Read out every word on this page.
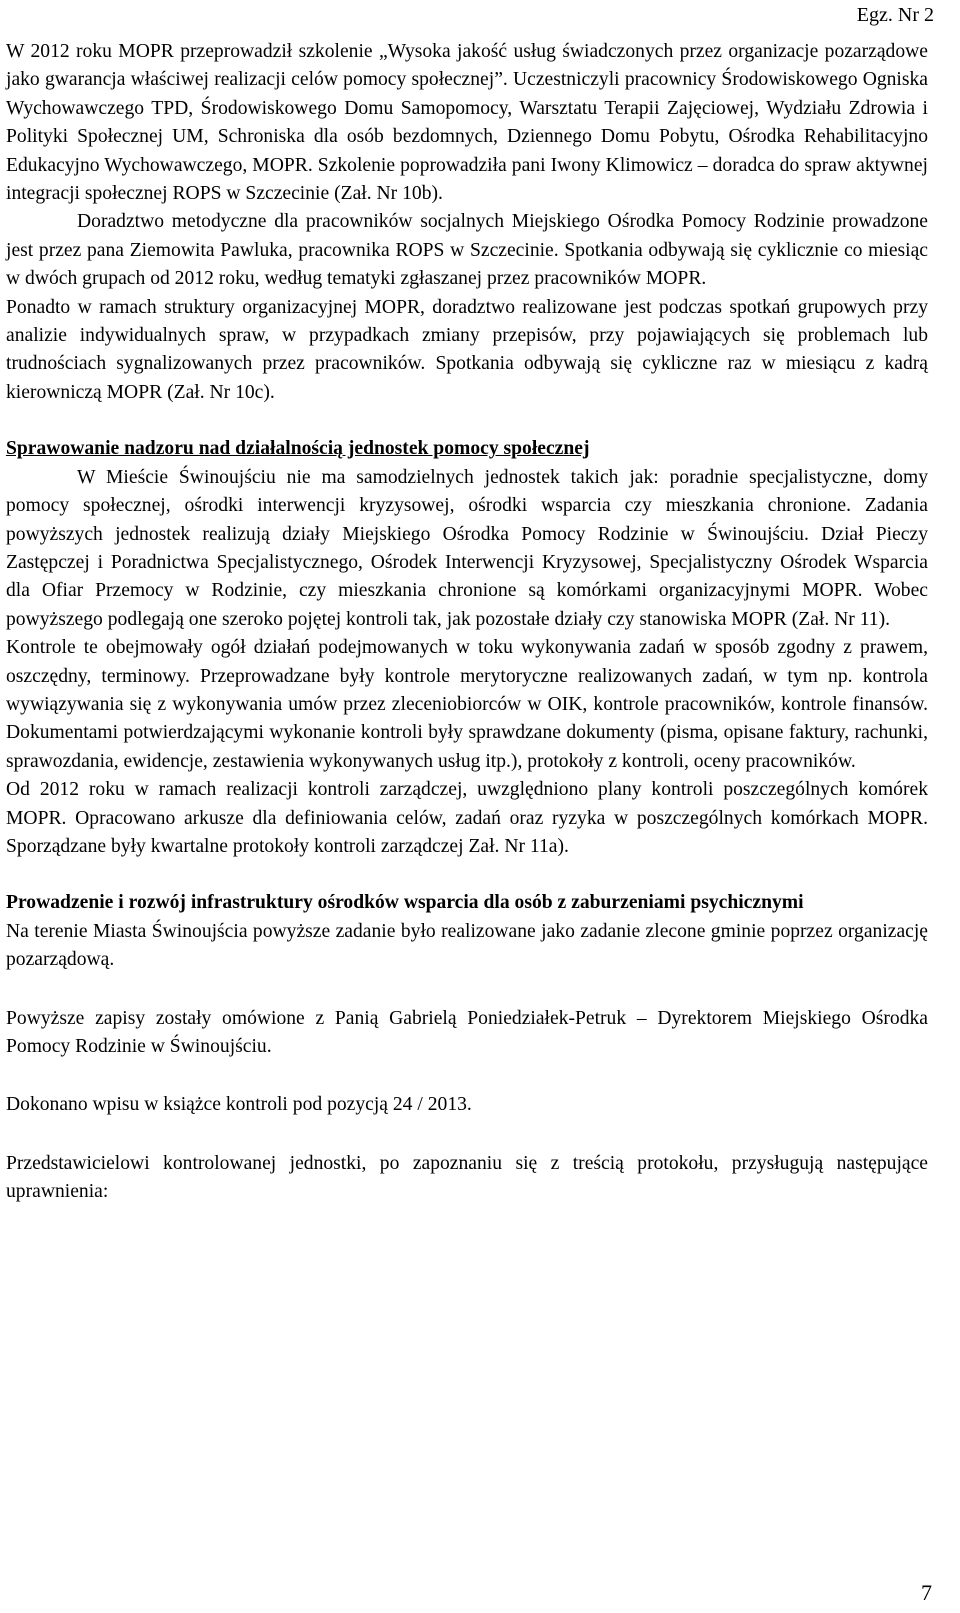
Egz. Nr 2

W 2012 roku MOPR przeprowadził szkolenie „Wysoka jakość usług świadczonych przez organizacje pozarządowe jako gwarancja właściwej realizacji celów pomocy społecznej”. Uczestniczyli pracownicy Środowiskowego Ogniska Wychowawczego TPD, Środowiskowego Domu Samopomocy, Warsztatu Terapii Zajęciowej, Wydziału Zdrowia i Polityki Społecznej UM, Schroniska dla osób bezdomnych, Dziennego Domu Pobytu, Ośrodka Rehabilitacyjno Edukacyjno Wychowawczego, MOPR. Szkolenie poprowadziła pani Iwony Klimowicz – doradca do spraw aktywnej integracji społecznej ROPS w Szczecinie (Zał. Nr 10b).

Doradztwo metodyczne dla pracowników socjalnych Miejskiego Ośrodka Pomocy Rodzinie prowadzone jest przez pana Ziemowita Pawluka, pracownika ROPS w Szczecinie. Spotkania odbywają się cyklicznie co miesiąc w dwóch grupach od 2012 roku, według tematyki zgłaszanej przez pracowników MOPR.

Ponadto w ramach struktury organizacyjnej MOPR, doradztwo realizowane jest podczas spotkań grupowych przy analizie indywidualnych spraw, w przypadkach zmiany przepisów, przy pojawiających się problemach lub trudnościach sygnalizowanych przez pracowników. Spotkania odbywają się cykliczne raz w miesiącu z kadrą kierowniczą MOPR (Zał. Nr 10c).

Sprawowanie nadzoru nad działalnością jednostek pomocy społecznej

W Mieście Świnoujściu nie ma samodzielnych jednostek takich jak: poradnie specjalistyczne, domy pomocy społecznej, ośrodki interwencji kryzysowej, ośrodki wsparcia czy mieszkania chronione. Zadania powyższych jednostek realizują działy Miejskiego Ośrodka Pomocy Rodzinie w Świnoujściu. Dział Pieczy Zastępczej i Poradnictwa Specjalistycznego, Ośrodek Interwencji Kryzysowej, Specjalistyczny Ośrodek Wsparcia dla Ofiar Przemocy w Rodzinie, czy mieszkania chronione są komórkami organizacyjnymi MOPR. Wobec powyższego podlegają one szeroko pojętej kontroli tak, jak pozostałe działy czy stanowiska MOPR (Zał. Nr 11).

Kontrole te obejmowały ogół działań podejmowanych w toku wykonywania zadań w sposób zgodny z prawem, oszczędny, terminowy. Przeprowadzane były kontrole merytoryczne realizowanych zadań, w tym np. kontrola wywiązywania się z wykonywania umów przez zleceniobiorców w OIK, kontrole pracowników, kontrole finansów. Dokumentami potwierdzającymi wykonanie kontroli były sprawdzane dokumenty (pisma, opisane faktury, rachunki, sprawozdania, ewidencje, zestawienia wykonywanych usług itp.), protokoły z kontroli, oceny pracowników.

Od 2012 roku w ramach realizacji kontroli zarządczej, uwzględniono plany kontroli poszczególnych komórek MOPR. Opracowano arkusze dla definiowania celów, zadań oraz ryzyka w poszczególnych komórkach MOPR. Sporządzane były kwartalne protokoły kontroli zarządczej Zał. Nr 11a).

Prowadzenie i rozwój infrastruktury ośrodków wsparcia dla osób z zaburzeniami psychicznymi

Na terenie Miasta Świnoujścia powyższe zadanie było realizowane jako zadanie zlecone gminie poprzez organizację pozarządową.

Powyższe zapisy zostały omówione z Panią Gabrielą Poniedziałek-Petruk – Dyrektorem Miejskiego Ośrodka Pomocy Rodzinie w Świnoujściu.

Dokonano wpisu w książce kontroli pod pozycją 24 / 2013.

Przedstawicielowi kontrolowanej jednostki, po zapoznaniu się z treścią protokołu, przysługują następujące uprawnienia:

7
